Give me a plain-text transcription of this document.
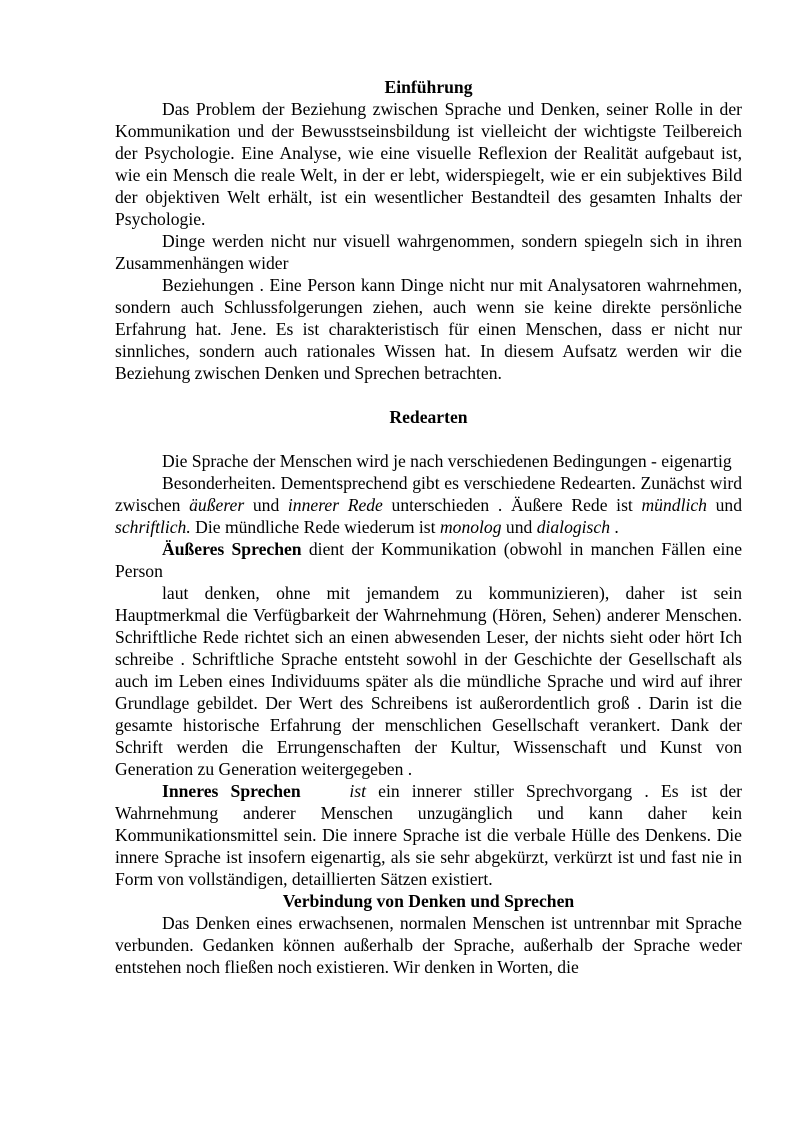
Einführung

Das Problem der Beziehung zwischen Sprache und Denken, seiner Rolle in der Kommunikation und der Bewusstseinsbildung ist vielleicht der wichtigste Teilbereich der Psychologie. Eine Analyse, wie eine visuelle Reflexion der Realität aufgebaut ist, wie ein Mensch die reale Welt, in der er lebt, widerspiegelt, wie er ein subjektives Bild der objektiven Welt erhält, ist ein wesentlicher Bestandteil des gesamten Inhalts der Psychologie.

Dinge werden nicht nur visuell wahrgenommen, sondern spiegeln sich in ihren Zusammenhängen wider

Beziehungen . Eine Person kann Dinge nicht nur mit Analysatoren wahrnehmen, sondern auch Schlussfolgerungen ziehen, auch wenn sie keine direkte persönliche Erfahrung hat. Jene. Es ist charakteristisch für einen Menschen, dass er nicht nur sinnliches, sondern auch rationales Wissen hat. In diesem Aufsatz werden wir die Beziehung zwischen Denken und Sprechen betrachten.

Redearten

Die Sprache der Menschen wird je nach verschiedenen Bedingungen - eigenartig

Besonderheiten. Dementsprechend gibt es verschiedene Redearten. Zunächst wird zwischen äußerer und innerer Rede unterschieden . Äußere Rede ist mündlich und schriftlich. Die mündliche Rede wiederum ist monolog und dialogisch .

Äußeres Sprechen dient der Kommunikation (obwohl in manchen Fällen eine Person

laut denken, ohne mit jemandem zu kommunizieren), daher ist sein Hauptmerkmal die Verfügbarkeit der Wahrnehmung (Hören, Sehen) anderer Menschen. Schriftliche Rede richtet sich an einen abwesenden Leser, der nichts sieht oder hört Ich schreibe . Schriftliche Sprache entsteht sowohl in der Geschichte der Gesellschaft als auch im Leben eines Individuums später als die mündliche Sprache und wird auf ihrer Grundlage gebildet. Der Wert des Schreibens ist außerordentlich groß . Darin ist die gesamte historische Erfahrung der menschlichen Gesellschaft verankert. Dank der Schrift werden die Errungenschaften der Kultur, Wissenschaft und Kunst von Generation zu Generation weitergegeben .

Inneres Sprechen	ist ein innerer stiller Sprechvorgang . Es ist der Wahrnehmung anderer Menschen unzugänglich und kann daher kein Kommunikationsmittel sein. Die innere Sprache ist die verbale Hülle des Denkens. Die innere Sprache ist insofern eigenartig, als sie sehr abgekürzt, verkürzt ist und fast nie in Form von vollständigen, detaillierten Sätzen existiert.

Verbindung von Denken und Sprechen

Das Denken eines erwachsenen, normalen Menschen ist untrennbar mit Sprache verbunden. Gedanken können außerhalb der Sprache, außerhalb der Sprache weder entstehen noch fließen noch existieren. Wir denken in Worten, die
